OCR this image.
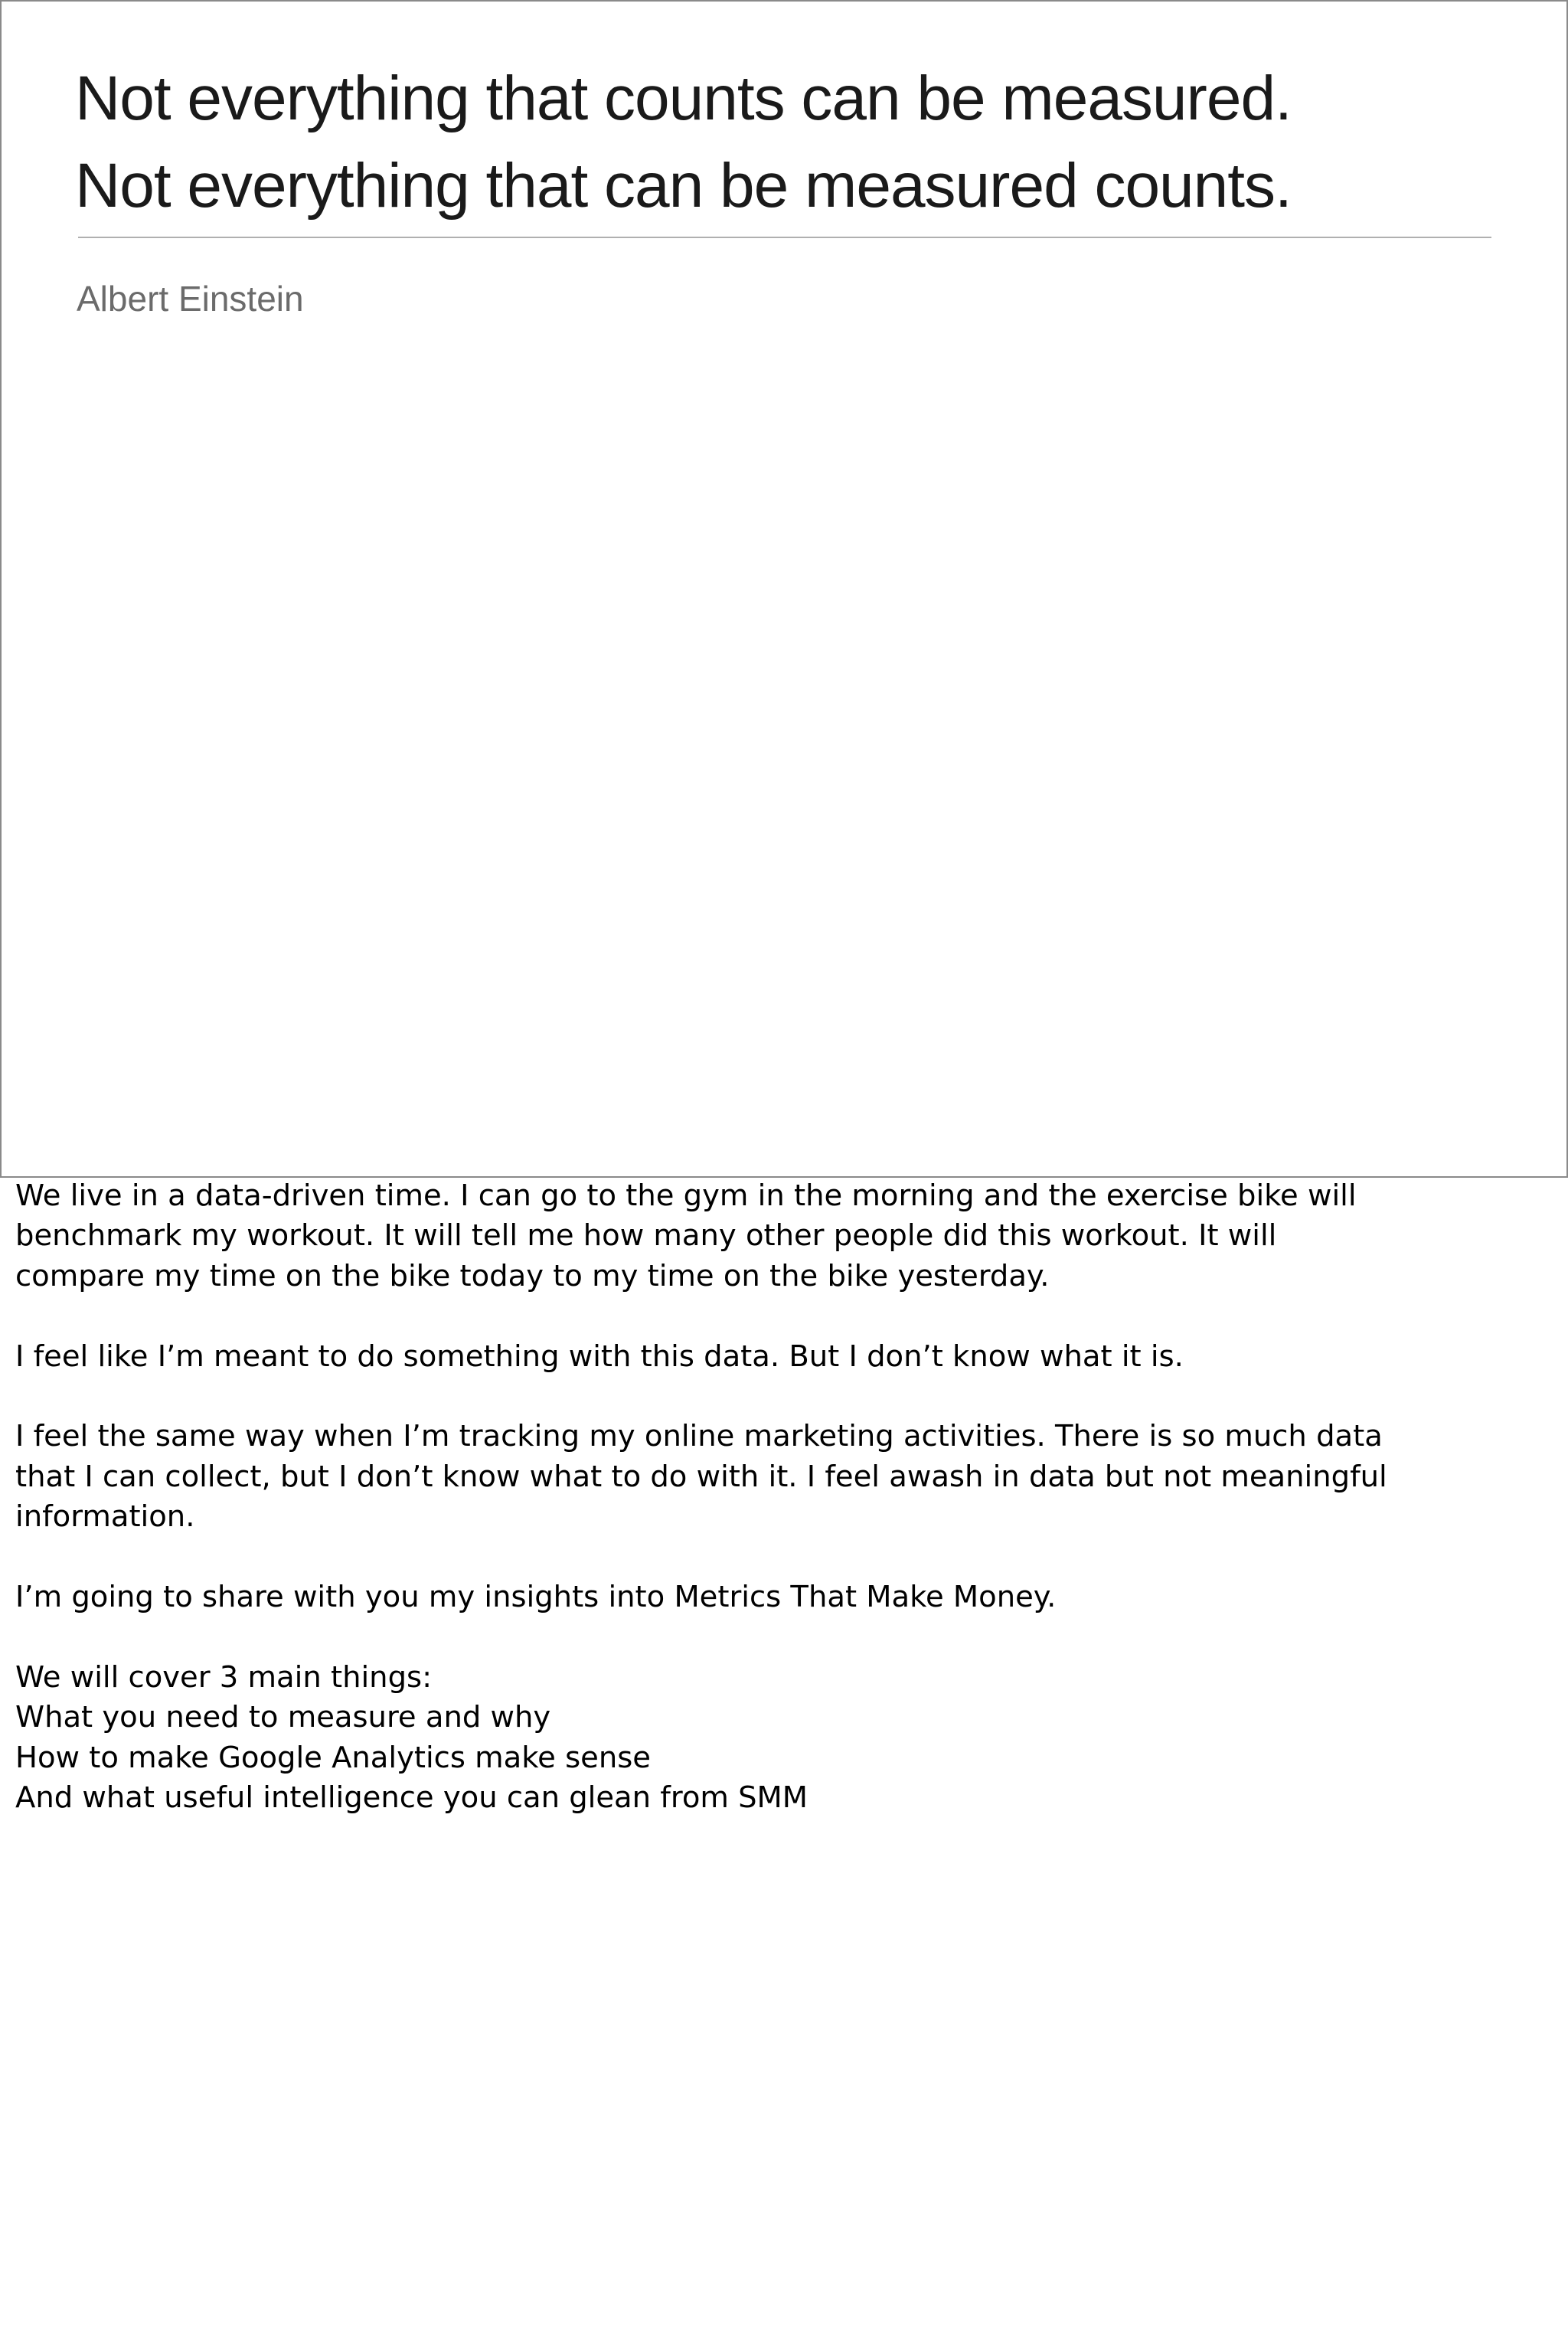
Not everything that counts can be measured.
Not everything that can be measured counts.
Albert Einstein
We live in a data-driven time. I can go to the gym in the morning and the exercise bike will
benchmark my workout. It will tell me how many other people did this workout. It will
compare my time on the bike today to my time on the bike yesterday.
I feel like I’m meant to do something with this data. But I don’t know what it is.
I feel the same way when I’m tracking my online marketing activities. There is so much data
that I can collect, but I don’t know what to do with it. I feel awash in data but not meaningful
information.
I’m going to share with you my insights into Metrics That Make Money.
We will cover 3 main things:
What you need to measure and why
How to make Google Analytics make sense
And what useful intelligence you can glean from SMM
